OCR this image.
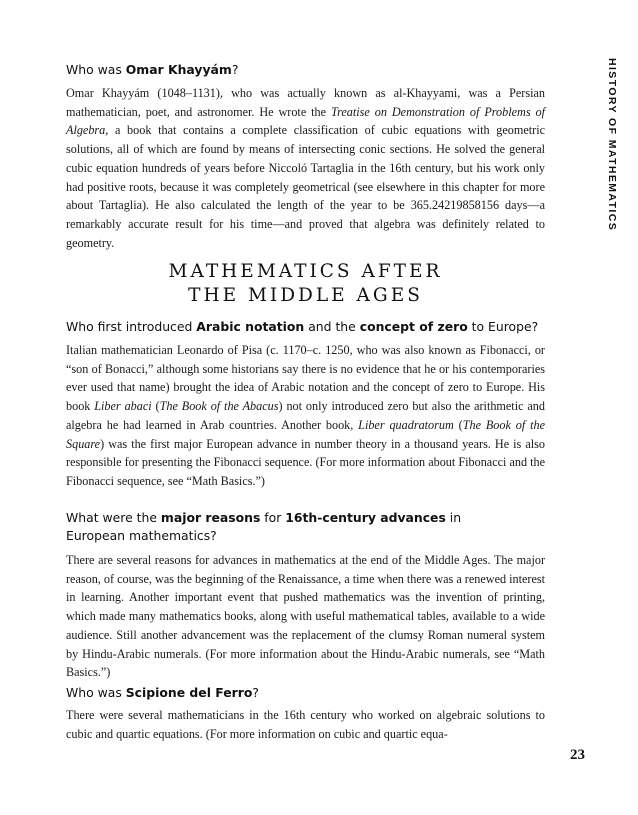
HISTORY OF MATHEMATICS
Who was Omar Khayyám?
Omar Khayyám (1048–1131), who was actually known as al-Khayyami, was a Persian mathematician, poet, and astronomer. He wrote the Treatise on Demonstration of Problems of Algebra, a book that contains a complete classification of cubic equations with geometric solutions, all of which are found by means of intersecting conic sections. He solved the general cubic equation hundreds of years before Niccoló Tartaglia in the 16th century, but his work only had positive roots, because it was completely geometrical (see elsewhere in this chapter for more about Tartaglia). He also calculated the length of the year to be 365.24219858156 days—a remarkably accurate result for his time—and proved that algebra was definitely related to geometry.
MATHEMATICS AFTER
THE MIDDLE AGES
Who first introduced Arabic notation and the concept of zero to Europe?
Italian mathematician Leonardo of Pisa (c. 1170–c. 1250, who was also known as Fibonacci, or “son of Bonacci,” although some historians say there is no evidence that he or his contemporaries ever used that name) brought the idea of Arabic notation and the concept of zero to Europe. His book Liber abaci (The Book of the Abacus) not only introduced zero but also the arithmetic and algebra he had learned in Arab countries. Another book, Liber quadratorum (The Book of the Square) was the first major European advance in number theory in a thousand years. He is also responsible for presenting the Fibonacci sequence. (For more information about Fibonacci and the Fibonacci sequence, see “Math Basics.”)
What were the major reasons for 16th-century advances in European mathematics?
There are several reasons for advances in mathematics at the end of the Middle Ages. The major reason, of course, was the beginning of the Renaissance, a time when there was a renewed interest in learning. Another important event that pushed mathematics was the invention of printing, which made many mathematics books, along with useful mathematical tables, available to a wide audience. Still another advancement was the replacement of the clumsy Roman numeral system by Hindu-Arabic numerals. (For more information about the Hindu-Arabic numerals, see “Math Basics.”)
Who was Scipione del Ferro?
There were several mathematicians in the 16th century who worked on algebraic solutions to cubic and quartic equations. (For more information on cubic and quartic equa-
23
